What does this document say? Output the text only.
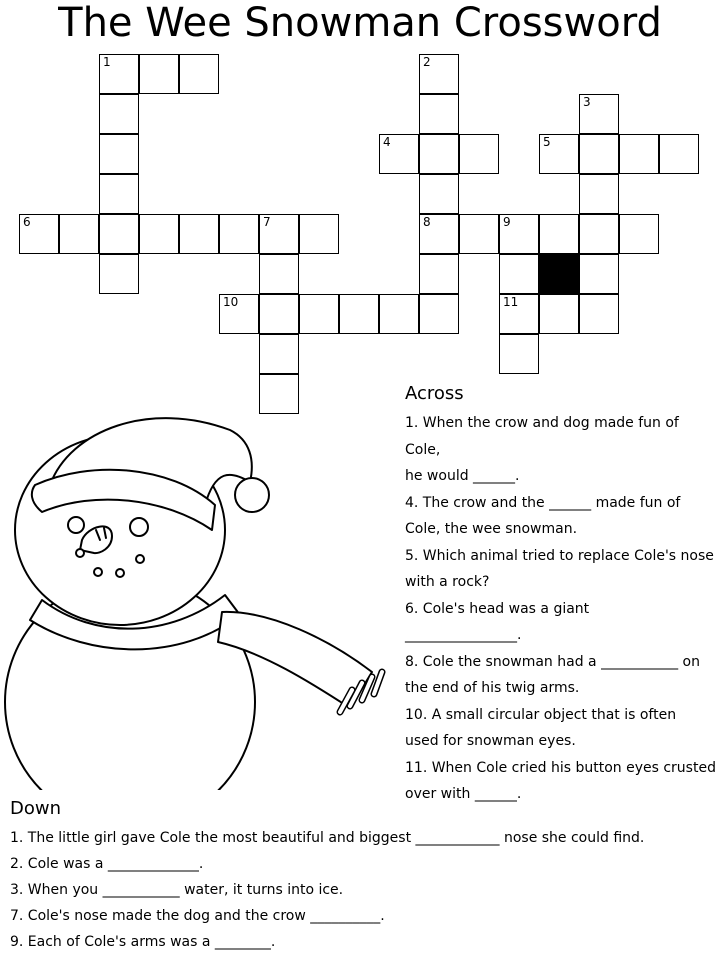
The Wee Snowman Crossword
1
6	7
10
2
8
4	5
3
9
11
Across
1. When the crow and dog made fun of Cole,
he would ______.
4. The crow and the ______ made fun of
Cole, the wee snowman.
5. Which animal tried to replace Cole's nose
with a rock?
6. Cole's head was a giant
________________.
8. Cole the snowman had a ___________ on
the end of his twig arms.
10. A small circular object that is often
used for snowman eyes.
11. When Cole cried his button eyes crusted
over with ______.
Down
1. The little girl gave Cole the most beautiful and biggest ____________ nose she could find.
2. Cole was a _____________.
3. When you ___________ water, it turns into ice.
7. Cole's nose made the dog and the crow __________.
9. Each of Cole's arms was a ________.
